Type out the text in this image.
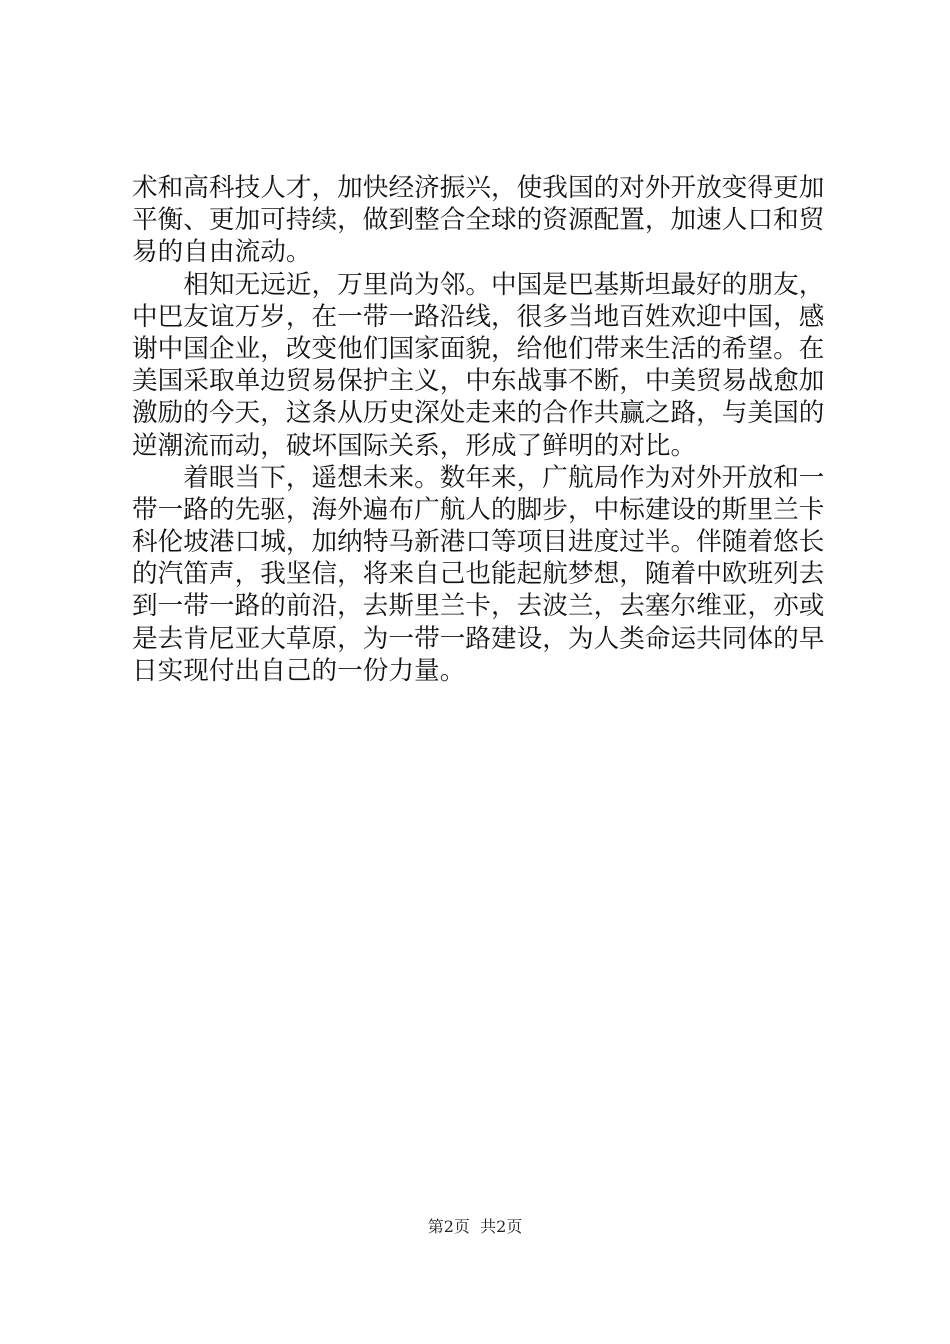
术和高科技人才，加快经济振兴，使我国的对外开放变得更加
平衡、更加可持续，做到整合全球的资源配置，加速人口和贸
易的自由流动。
　　相知无远近，万里尚为邻。中国是巴基斯坦最好的朋友，
中巴友谊万岁，在一带一路沿线，很多当地百姓欢迎中国，感
谢中国企业，改变他们国家面貌，给他们带来生活的希望。在
美国采取单边贸易保护主义，中东战事不断，中美贸易战愈加
激励的今天，这条从历史深处走来的合作共赢之路，与美国的
逆潮流而动，破坏国际关系，形成了鲜明的对比。
　　着眼当下，遥想未来。数年来，广航局作为对外开放和一
带一路的先驱，海外遍布广航人的脚步，中标建设的斯里兰卡
科伦坡港口城，加纳特马新港口等项目进度过半。伴随着悠长
的汽笛声，我坚信，将来自己也能起航梦想，随着中欧班列去
到一带一路的前沿，去斯里兰卡，去波兰，去塞尔维亚，亦或
是去肯尼亚大草原，为一带一路建设，为人类命运共同体的早
日实现付出自己的一份力量。
第2页  共2页
